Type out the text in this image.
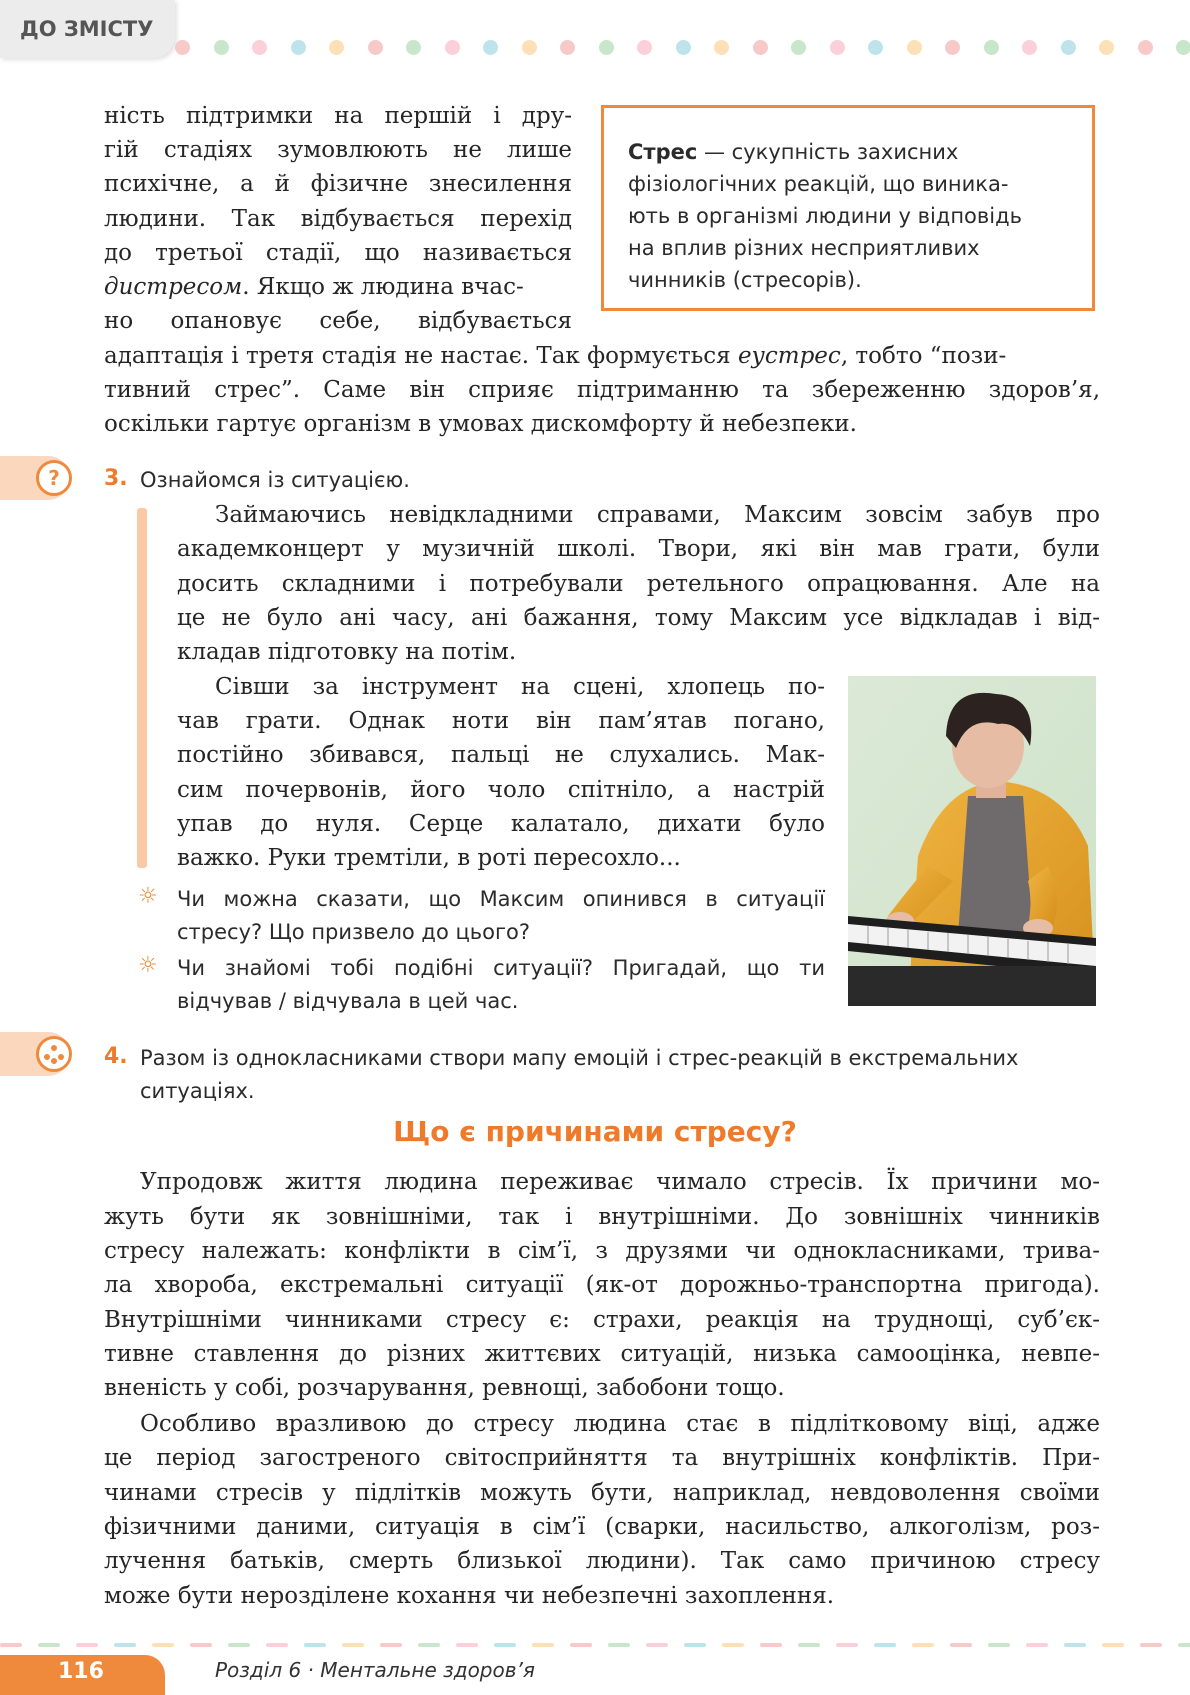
ДО ЗМІСТУ
ність підтримки на першій і дру-
гій стадіях зумовлюють не лише
психічне, а й фізичне знесилення
людини. Так відбувається перехід
до третьої стадії, що називається
дистресом. Якщо ж людина вчас-
но опановує себе, відбувається
адаптація і третя стадія не настає. Так формується еустрес, тобто “пози-
тивний стрес”. Саме він сприяє підтриманню та збереженню здоров’я,
оскільки гартує організм в умовах дискомфорту й небезпеки.
Стрес — сукупність захисних
фізіологічних реакцій, що виника-
ють в організмі людини у відповідь
на вплив різних несприятливих
чинників (стресорів).
?	3. Ознайомся із ситуацією.
Займаючись невідкладними справами, Максим зовсім забув про
академконцерт у музичній школі. Твори, які він мав грати, були
досить складними і потребували ретельного опрацювання. Але на
це не було ані часу, ані бажання, тому Максим усе відкладав і від-
кладав підготовку на потім.
Сівши за інструмент на сцені, хлопець по-
чав грати. Однак ноти він пам’ятав погано,
постійно збивався, пальці не слухались. Мак-
сим почервонів, його чоло спітніло, а настрій
упав до нуля. Серце калатало, дихати було
важко. Руки тремтіли, в роті пересохло...
☼ Чи можна сказати, що Максим опинився в ситуації
стресу? Що призвело до цього?
☼ Чи знайомі тобі подібні ситуації? Пригадай, що ти
відчував / відчувала в цей час.
4. Разом із однокласниками створи мапу емоцій і стрес-реакцій в екстремальних
ситуаціях.
Що є причинами стресу?
Упродовж життя людина переживає чимало стресів. Їх причини мо-
жуть бути як зовнішніми, так і внутрішніми. До зовнішніх чинників
стресу належать: конфлікти в сім’ї, з друзями чи однокласниками, трива-
ла хвороба, екстремальні ситуації (як-от дорожньо-транспортна пригода).
Внутрішніми чинниками стресу є: страхи, реакція на труднощі, суб’єк-
тивне ставлення до різних життєвих ситуацій, низька самооцінка, невпе-
вненість у собі, розчарування, ревнощі, забобони тощо.
Особливо вразливою до стресу людина стає в підлітковому віці, адже
це період загостреного світосприйняття та внутрішніх конфліктів. При-
чинами стресів у підлітків можуть бути, наприклад, невдоволення своїми
фізичними даними, ситуація в сім’ї (сварки, насильство, алкоголізм, роз-
лучення батьків, смерть близької людини). Так само причиною стресу
може бути нерозділене кохання чи небезпечні захоплення.
116	Розділ 6 · Ментальне здоров’я
